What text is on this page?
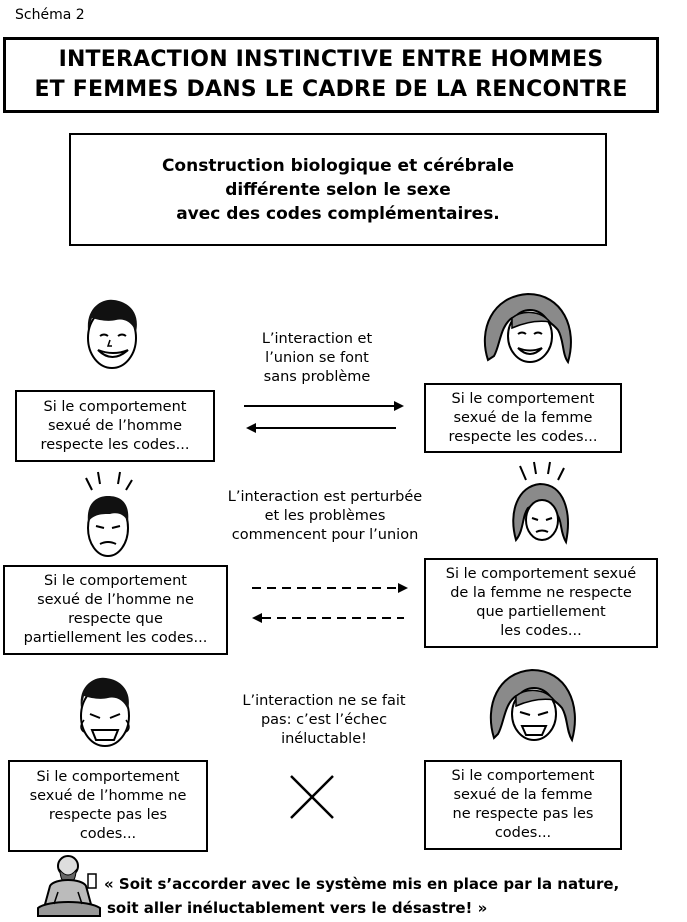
Schéma 2
INTERACTION INSTINCTIVE ENTRE HOMMES
ET FEMMES DANS LE CADRE DE LA RENCONTRE
Construction biologique et cérébrale
différente selon le sexe
avec des codes complémentaires.
L’interaction et
l’union se font
sans problème
Si le comportement
sexué de l’homme
respecte les codes...
Si le comportement
sexué de la femme
respecte les codes...
L’interaction est perturbée
et les problèmes
commencent pour l’union
Si le comportement
sexué de l’homme ne
respecte que
partiellement les codes...
Si le comportement sexué
de la femme ne respecte
que partiellement
les codes...
L’interaction ne se fait
pas: c’est l’échec
inéluctable!
Si le comportement
sexué de l’homme ne
respecte pas les
codes...
Si le comportement
sexué de la femme
ne respecte pas les
codes...
« Soit s’accorder avec le système mis en place par la nature,
soit aller inéluctablement vers le désastre! »
